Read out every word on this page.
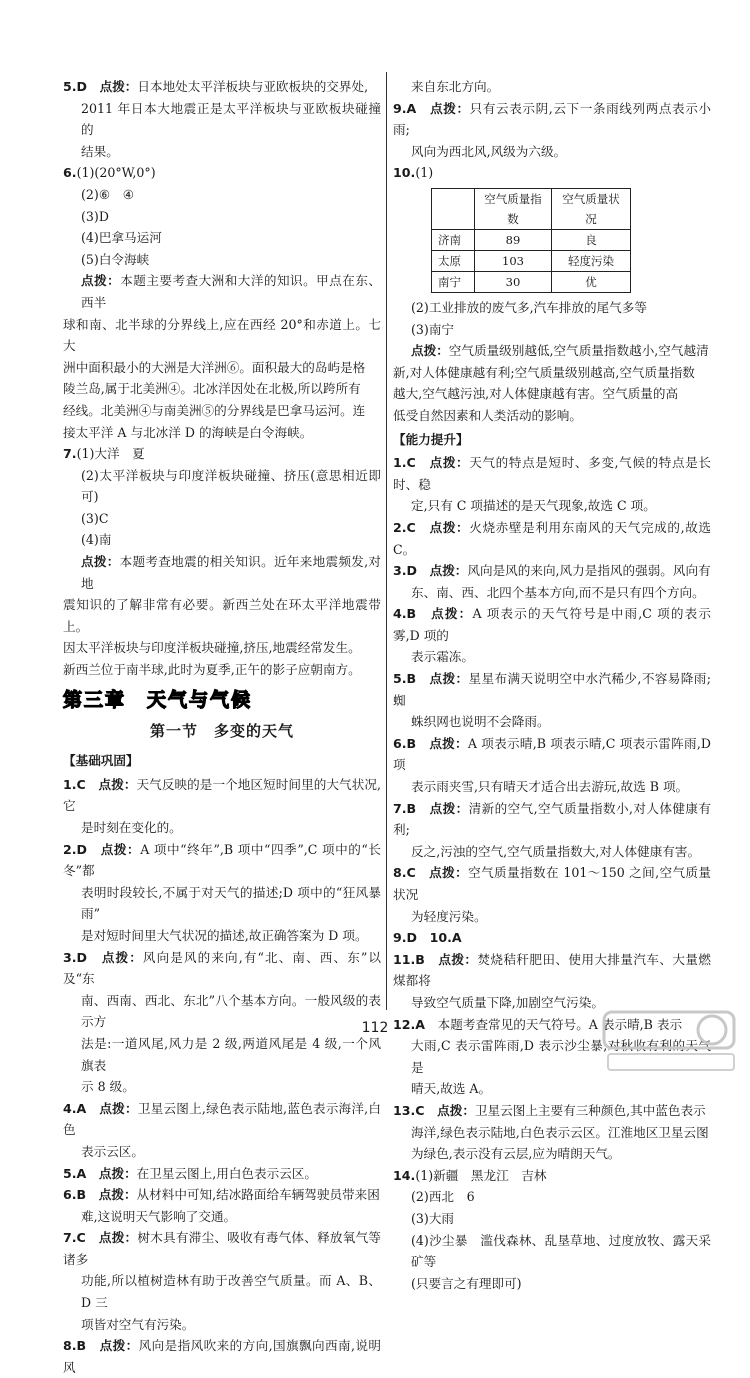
5.D　 点拨：日本地处太平洋板块与亚欧板块的交界处,
2011 年日本大地震正是太平洋板块与亚欧板块碰撞的
结果。
6.(1)(20°W,0°)
(2)⑥　④
(3)D
(4)巴拿马运河
(5)白令海峡
点拨：本题主要考查大洲和大洋的知识。甲点在东、西半
球和南、北半球的分界线上,应在西经 20°和赤道上。七大
洲中面积最小的大洲是大洋洲⑥。面积最大的岛屿是格
陵兰岛,属于北美洲④。北冰洋因处在北极,所以跨所有
经线。北美洲④与南美洲⑤的分界线是巴拿马运河。连
接太平洋 A 与北冰洋 D 的海峡是白令海峡。
7.(1)大洋　夏
(2)太平洋板块与印度洋板块碰撞、挤压(意思相近即可)
(3)C
(4)南
点拨：本题考查地震的相关知识。近年来地震频发,对地
震知识的了解非常有必要。新西兰处在环太平洋地震带上。
因太平洋板块与印度洋板块碰撞,挤压,地震经常发生。
新西兰位于南半球,此时为夏季,正午的影子应朝南方。
第三章　天气与气候
第一节　多变的天气
【基础巩固】
1.C　 点拨：天气反映的是一个地区短时间里的大气状况,它
是时刻在变化的。
2.D　 点拨：A 项中“终年”,B 项中“四季”,C 项中的“长冬”都
表明时段较长,不属于对天气的描述;D 项中的“狂风暴雨”
是对短时间里大气状况的描述,故正确答案为 D 项。
3.D　 点拨：风向是风的来向,有“北、南、西、东”以及“东
南、西南、西北、东北”八个基本方向。一般风级的表示方
法是:一道风尾,风力是 2 级,两道风尾是 4 级,一个风旗表
示 8 级。
4.A　 点拨：卫星云图上,绿色表示陆地,蓝色表示海洋,白色
表示云区。
5.A　 点拨：在卫星云图上,用白色表示云区。
6.B　 点拨：从材料中可知,结冰路面给车辆驾驶员带来困
难,这说明天气影响了交通。
7.C　 点拨：树木具有滞尘、吸收有毒气体、释放氧气等诸多
功能,所以植树造林有助于改善空气质量。而 A、B、D 三
项皆对空气有污染。
8.B　 点拨：风向是指风吹来的方向,国旗飘向西南,说明风
来自东北方向。
9.A　 点拨：只有云表示阴,云下一条雨线列两点表示小雨;
风向为西北风,风级为六级。
10.(1)
	空气质量指数	空气质量状况
济南	89	良
太原	103	轻度污染
南宁	30	优
(2)工业排放的废气多,汽车排放的尾气多等
(3)南宁
点拨：空气质量级别越低,空气质量指数越小,空气越清
新,对人体健康越有利;空气质量级别越高,空气质量指数
越大,空气越污浊,对人体健康越有害。空气质量的高
低受自然因素和人类活动的影响。
【能力提升】
1.C　 点拨：天气的特点是短时、多变,气候的特点是长时、稳
定,只有 C 项描述的是天气现象,故选 C 项。
2.C　 点拨：火烧赤壁是利用东南风的天气完成的,故选 C。
3.D　 点拨：风向是风的来向,风力是指风的强弱。风向有
东、南、西、北四个基本方向,而不是只有四个方向。
4.B　 点拨：A 项表示的天气符号是中雨,C 项的表示雾,D 项的
表示霜冻。
5.B　 点拨：星星布满天说明空中水汽稀少,不容易降雨;蜘
蛛织网也说明不会降雨。
6.B　 点拨：A 项表示晴,B 项表示晴,C 项表示雷阵雨,D 项
表示雨夹雪,只有晴天才适合出去游玩,故选 B 项。
7.B　 点拨：清新的空气,空气质量指数小,对人体健康有利;
反之,污浊的空气,空气质量指数大,对人体健康有害。
8.C　 点拨：空气质量指数在 101～150 之间,空气质量状况
为轻度污染。
9.D　 10.A
11.B　 点拨：焚烧秸秆肥田、使用大排量汽车、大量燃煤都将
导致空气质量下降,加剧空气污染。
12.A　 本题考查常见的天气符号。A 表示晴,B 表示
大雨,C 表示雷阵雨,D 表示沙尘暴,对秋收有利的天气是
晴天,故选 A。
13.C　 点拨：卫星云图上主要有三种颜色,其中蓝色表示
海洋,绿色表示陆地,白色表示云区。江淮地区卫星云图
为绿色,表示没有云层,应为晴朗天气。
14.(1)新疆　黑龙江　吉林
(2)西北　6
(3)大雨
(4)沙尘暴　滥伐森林、乱垦草地、过度放牧、露天采矿等
(只要言之有理即可)
112
